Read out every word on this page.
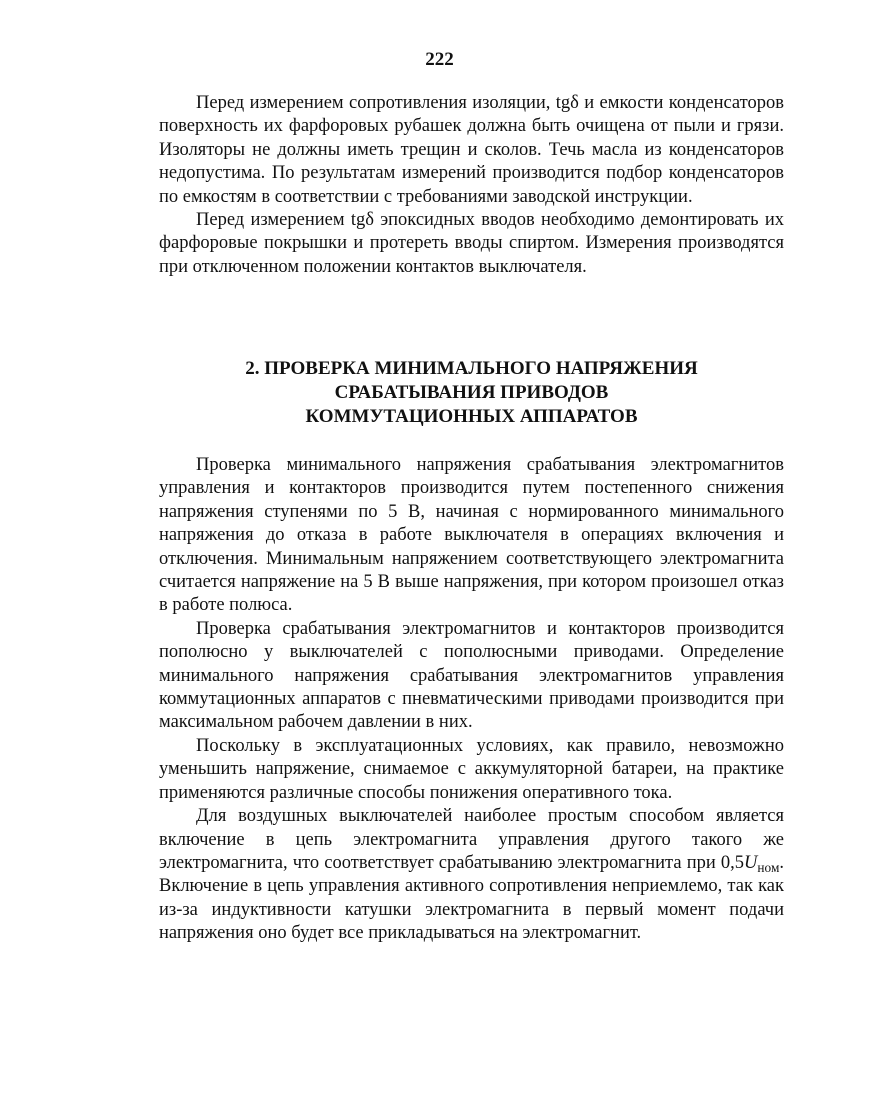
222

Перед измерением сопротивления изоляции, tgδ и емкости конденсаторов поверхность их фарфоровых рубашек должна быть очищена от пыли и грязи. Изоляторы не должны иметь трещин и сколов. Течь масла из конденсаторов недопустима. По результатам измерений производится подбор конденсаторов по емкостям в соответствии с требованиями заводской инструкции.

Перед измерением tgδ эпоксидных вводов необходимо демонтировать их фарфоровые покрышки и протереть вводы спиртом. Измерения производятся при отключенном положении контактов выключателя.

2. ПРОВЕРКА МИНИМАЛЬНОГО НАПРЯЖЕНИЯ
СРАБАТЫВАНИЯ ПРИВОДОВ
КОММУТАЦИОННЫХ АППАРАТОВ

Проверка минимального напряжения срабатывания электромагнитов управления и контакторов производится путем постепенного снижения напряжения ступенями по 5 В, начиная с нормированного минимального напряжения до отказа в работе выключателя в операциях включения и отключения. Минимальным напряжением соответствующего электромагнита считается напряжение на 5 В выше напряжения, при котором произошел отказ в работе полюса.

Проверка срабатывания электромагнитов и контакторов производится пополюсно у выключателей с пополюсными приводами. Определение минимального напряжения срабатывания электромагнитов управления коммутационных аппаратов с пневматическими приводами производится при максимальном рабочем давлении в них.

Поскольку в эксплуатационных условиях, как правило, невозможно уменьшить напряжение, снимаемое с аккумуляторной батареи, на практике применяются различные способы понижения оперативного тока.

Для воздушных выключателей наиболее простым способом является включение в цепь электромагнита управления другого такого же электромагнита, что соответствует срабатыванию электромагнита при $0,5U_{ном}$. Включение в цепь управления активного сопротивления неприемлемо, так как из-за индуктивности катушки электромагнита в первый момент подачи напряжения оно будет все прикладываться на электромагнит.
